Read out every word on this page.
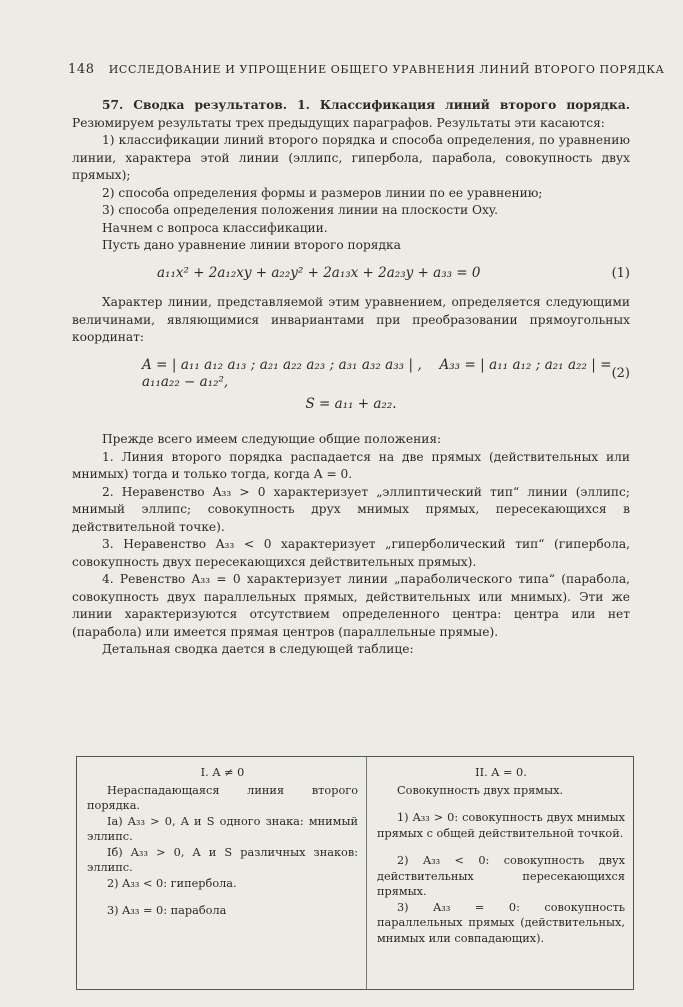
148 ИССЛЕДОВАНИЕ И УПРОЩЕНИЕ ОБЩЕГО УРАВНЕНИЯ ЛИНИЙ ВТОРОГО ПОРЯДКА

57. Сводка результатов. 1. Классификация линий второго порядка. Резюмируем результаты трех предыдущих параграфов. Результаты эти касаются:

1) классификации линий второго порядка и способа определения, по уравнению линии, характера этой линии (эллипс, гипербола, парабола, совокупность двух прямых);

2) способа определения формы и размеров линии по ее уравнению;

3) способа определения положения линии на плоскости Oxy.

Начнем с вопроса классификации.

Пусть дано уравнение линии второго порядка

a₁₁x² + 2a₁₂xy + a₂₂y² + 2a₁₃x + 2a₂₃y + a₃₃ = 0	(1)

Характер линии, представляемой этим уравнением, определяется следующими величинами, являющимися инвариантами при преобразовании прямоугольных координат:

A = | a₁₁ a₁₂ a₁₃ ; a₂₁ a₂₂ a₂₃ ; a₃₁ a₃₂ a₃₃ | , A₃₃ = | a₁₁ a₁₂ ; a₂₁ a₂₂ | = a₁₁a₂₂ − a₁₂²,
(2)
S = a₁₁ + a₂₂.

Прежде всего имеем следующие общие положения:

1. Линия второго порядка распадается на две прямых (действительных или мнимых) тогда и только тогда, когда A = 0.

2. Неравенство A₃₃ > 0 характеризует „эллиптический тип“ линии (эллипс; мнимый эллипс; совокупность друх мнимых прямых, пересекающихся в действительной точке).

3. Неравенство A₃₃ < 0 характеризует „гиперболический тип“ (гипербола, совокупность двух пересекающихся действительных прямых).

4. Ревенство A₃₃ = 0 характеризует линии „параболического типа“ (парабола, совокупность двух параллельных прямых, действительных или мнимых). Эти же линии характеризуются отсутствием определенного центра: центра или нет (парабола) или имеется прямая центров (параллельные прямые).

Детальная сводка дается в следующей таблице:

I. A ≠ 0

Нераспадающаяся линия второго порядка.

Ia) A₃₃ > 0, A и S одного знака: мнимый эллипс.

Iб) A₃₃ > 0, A и S различных знаков: эллипс.

2) A₃₃ < 0: гипербола.

3) A₃₃ = 0: парабола

II. A = 0.

Совокупность двух прямых.

1) A₃₃ > 0: совокупность двух мнимых прямых с общей действительной точкой.

2) A₃₃ < 0: совокупность двух действительных пересекающихся прямых.

3) A₃₃ = 0: совокупность параллельных прямых (действительных, мнимых или совпадающих).
